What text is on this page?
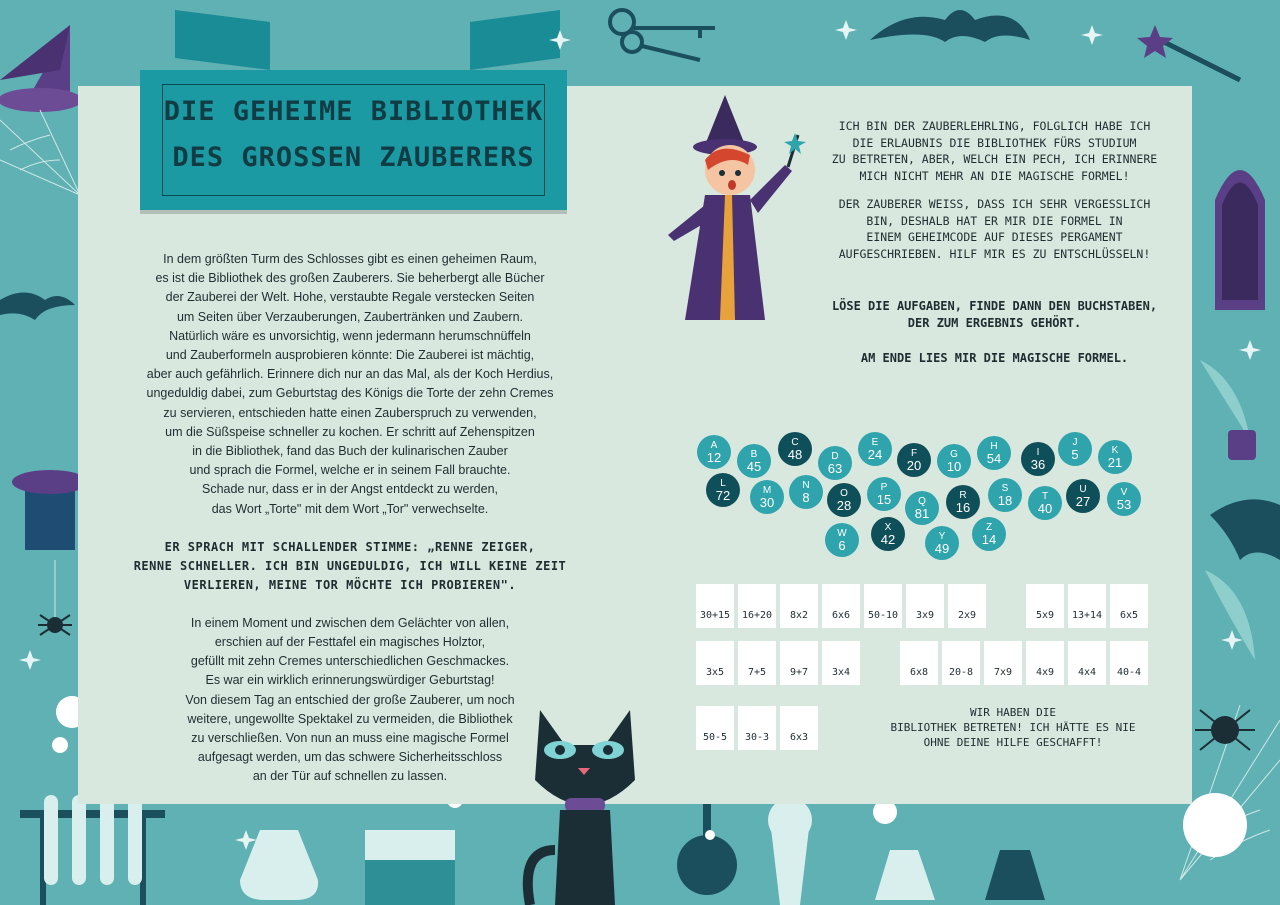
DIE GEHEIME BIBLIOTHEK
DES GROSSEN ZAUBERERS

In dem größten Turm des Schlosses gibt es einen geheimen Raum,
es ist die Bibliothek des großen Zauberers. Sie beherbergt alle Bücher
der Zauberei der Welt. Hohe, verstaubte Regale verstecken Seiten
um Seiten über Verzauberungen, Zaubertränken und Zaubern.
Natürlich wäre es unvorsichtig, wenn jedermann herumschnüffeln
und Zauberformeln ausprobieren könnte: Die Zauberei ist mächtig,
aber auch gefährlich. Erinnere dich nur an das Mal, als der Koch Herdius,
ungeduldig dabei, zum Geburtstag des Königs die Torte der zehn Cremes
zu servieren, entschieden hatte einen Zauberspruch zu verwenden,
um die Süßspeise schneller zu kochen. Er schritt auf Zehenspitzen
in die Bibliothek, fand das Buch der kulinarischen Zauber
und sprach die Formel, welche er in seinem Fall brauchte.
Schade nur, dass er in der Angst entdeckt zu werden,
das Wort „Torte" mit dem Wort „Tor" verwechselte.

ER SPRACH MIT SCHALLENDER STIMME: „RENNE ZEIGER,
RENNE SCHNELLER. ICH BIN UNGEDULDIG, ICH WILL KEINE ZEIT
VERLIEREN, MEINE TOR MÖCHTE ICH PROBIEREN".

In einem Moment und zwischen dem Gelächter von allen,
erschien auf der Festtafel ein magisches Holztor,
gefüllt mit zehn Cremes unterschiedlichen Geschmackes.
Es war ein wirklich erinnerungswürdiger Geburtstag!
Von diesem Tag an entschied der große Zauberer, um noch
weitere, ungewollte Spektakel zu vermeiden, die Bibliothek
zu verschließen. Von nun an muss eine magische Formel
aufgesagt werden, um das schwere Sicherheitsschloss
an der Tür auf schnellen zu lassen.

ICH BIN DER ZAUBERLEHRLING, FOLGLICH HABE ICH
DIE ERLAUBNIS DIE BIBLIOTHEK FÜRS STUDIUM
ZU BETRETEN, ABER, WELCH EIN PECH, ICH ERINNERE
MICH NICHT MEHR AN DIE MAGISCHE FORMEL!
DER ZAUBERER WEISS, DASS ICH SEHR VERGESSLICH
BIN, DESHALB HAT ER MIR DIE FORMEL IN
EINEM GEHEIMCODE AUF DIESES PERGAMENT
AUFGESCHRIEBEN. HILF MIR ES ZU ENTSCHLÜSSELN!
LÖSE DIE AUFGABEN, FINDE DANN DEN BUCHSTABEN,
DER ZUM ERGEBNIS GEHÖRT.
AM ENDE LIES MIR DIE MAGISCHE FORMEL.
A
12	B
45
C
48	D
63
E
24	F
20
G
10
H
54	I
36
J
5	K
21
L
72	M
30
N
8	O
28
P
15	Q
81
R
16
S
18	T
40
U
27
V
53
W
6
X
42	Y
49
Z
14
30+15	16+20	8x2	6x6	50-10	3x9	2x9	5x9	13+14	6x5
3x5	7+5	9+7	3x4	6x8	20-8	7x9	4x9	4x4	40-4
50-5	30-3	6x3
WIR HABEN DIE
BIBLIOTHEK BETRETEN! ICH HÄTTE ES NIE
OHNE DEINE HILFE GESCHAFFT!
